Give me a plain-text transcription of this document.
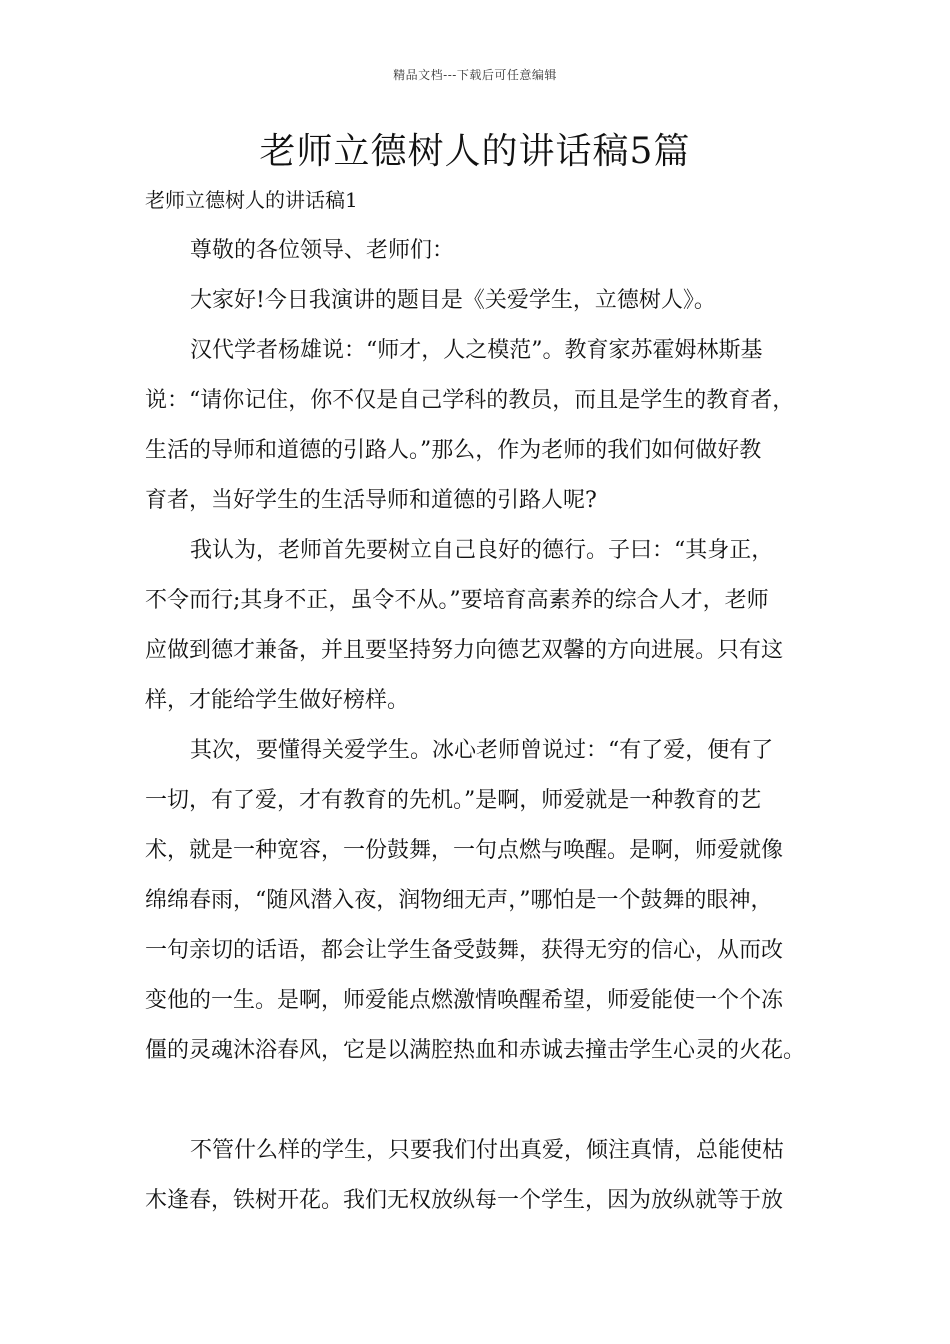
精品文档---下载后可任意编辑
老师立德树人的讲话稿5篇
老师立德树人的讲话稿1
尊敬的各位领导、老师们：
大家好!今日我演讲的题目是《关爱学生，立德树人》。
汉代学者杨雄说：“师才，人之模范”。教育家苏霍姆林斯基
说：“请你记住，你不仅是自己学科的教员，而且是学生的教育者，
生活的导师和道德的引路人。”那么，作为老师的我们如何做好教
育者，当好学生的生活导师和道德的引路人呢?
我认为，老师首先要树立自己良好的德行。子曰：“其身正，
不令而行;其身不正，虽令不从。”要培育高素养的综合人才，老师
应做到德才兼备，并且要坚持努力向德艺双馨的方向进展。只有这
样，才能给学生做好榜样。
其次，要懂得关爱学生。冰心老师曾说过：“有了爱，便有了
一切，有了爱，才有教育的先机。”是啊，师爱就是一种教育的艺
术，就是一种宽容，一份鼓舞，一句点燃与唤醒。是啊，师爱就像
绵绵春雨，“随风潜入夜，润物细无声，”哪怕是一个鼓舞的眼神，
一句亲切的话语，都会让学生备受鼓舞，获得无穷的信心，从而改
变他的一生。是啊，师爱能点燃激情唤醒希望，师爱能使一个个冻
僵的灵魂沐浴春风，它是以满腔热血和赤诚去撞击学生心灵的火花。
不管什么样的学生，只要我们付出真爱，倾注真情，总能使枯
木逢春，铁树开花。我们无权放纵每一个学生，因为放纵就等于放
